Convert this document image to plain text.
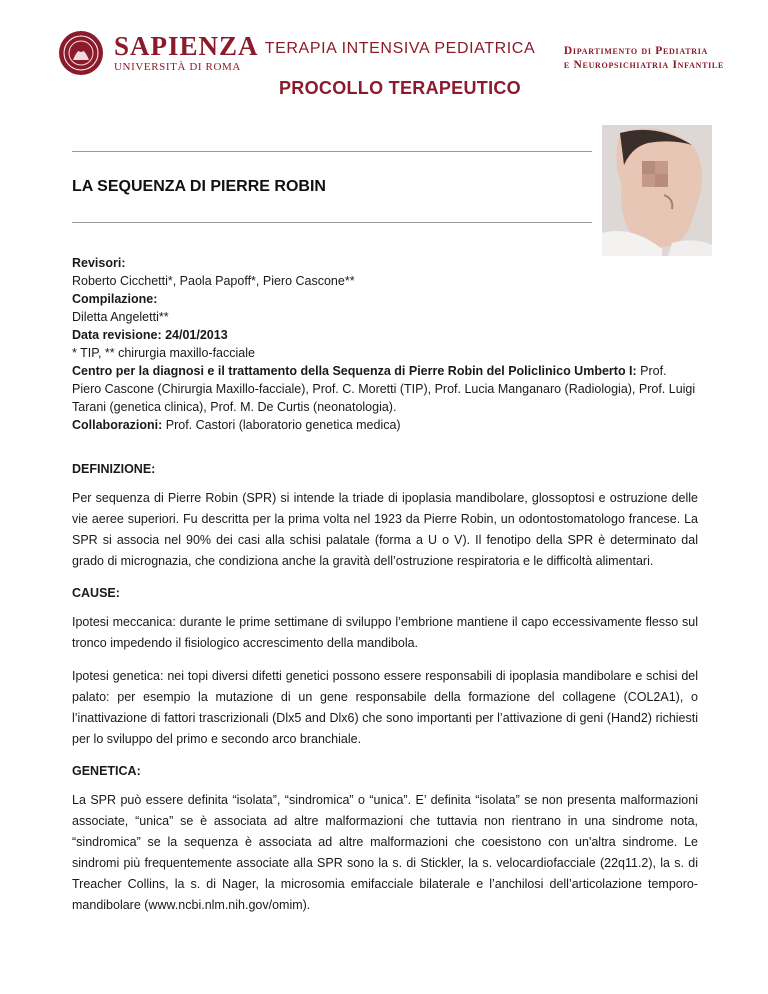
SAPIENZA
UNIVERSITÀ DI ROMA
TERAPIA INTENSIVA PEDIATRICA	Dipartimento di Pediatria
e Neuropsichiatria Infantile
PROCOLLO TERAPEUTICO
LA SEQUENZA DI PIERRE ROBIN

Revisori:

Roberto Cicchetti*, Paola Papoff*, Piero Cascone**

Compilazione:

Diletta Angeletti**

Data revisione: 24/01/2013

* TIP, ** chirurgia maxillo-facciale

Centro per la diagnosi e il trattamento della Sequenza di Pierre Robin del Policlinico Umberto I: Prof. Piero Cascone (Chirurgia Maxillo-facciale), Prof. C. Moretti (TIP), Prof. Lucia Manganaro (Radiologia), Prof. Luigi Tarani (genetica clinica), Prof. M. De Curtis (neonatologia).

Collaborazioni: Prof. Castori (laboratorio genetica medica)

DEFINIZIONE:

Per sequenza di Pierre Robin (SPR) si intende la triade di ipoplasia mandibolare, glossoptosi e ostruzione delle vie aeree superiori. Fu descritta per la prima volta nel 1923 da Pierre Robin, un odontostomatologo francese. La SPR si associa nel 90% dei casi alla schisi palatale (forma a U o V). Il fenotipo della SPR è determinato dal grado di micrognazia, che condiziona anche la gravità dell’ostruzione respiratoria e le difficoltà alimentari.

CAUSE:

Ipotesi meccanica: durante le prime settimane di sviluppo l’embrione mantiene il capo eccessivamente flesso sul tronco impedendo il fisiologico accrescimento della mandibola.

Ipotesi genetica: nei topi diversi difetti genetici possono essere responsabili di ipoplasia mandibolare e schisi del palato: per esempio la mutazione di un gene responsabile della formazione del collagene (COL2A1), o l’inattivazione di fattori trascrizionali (Dlx5 and Dlx6) che sono importanti per l’attivazione di geni (Hand2) richiesti per lo sviluppo del primo e secondo arco branchiale.

GENETICA:

La SPR può essere definita “isolata”, “sindromica” o “unica”. E’ definita “isolata” se non presenta malformazioni associate, “unica” se è associata ad altre malformazioni che tuttavia non rientrano in una sindrome nota, “sindromica” se la sequenza è associata ad altre malformazioni che coesistono con un'altra sindrome. Le sindromi più frequentemente associate alla SPR sono la s. di Stickler, la s. velocardiofacciale (22q11.2), la s. di Treacher Collins, la s. di Nager, la microsomia emifacciale bilaterale e l’anchilosi dell’articolazione temporo-mandibolare (www.ncbi.nlm.nih.gov/omim).
